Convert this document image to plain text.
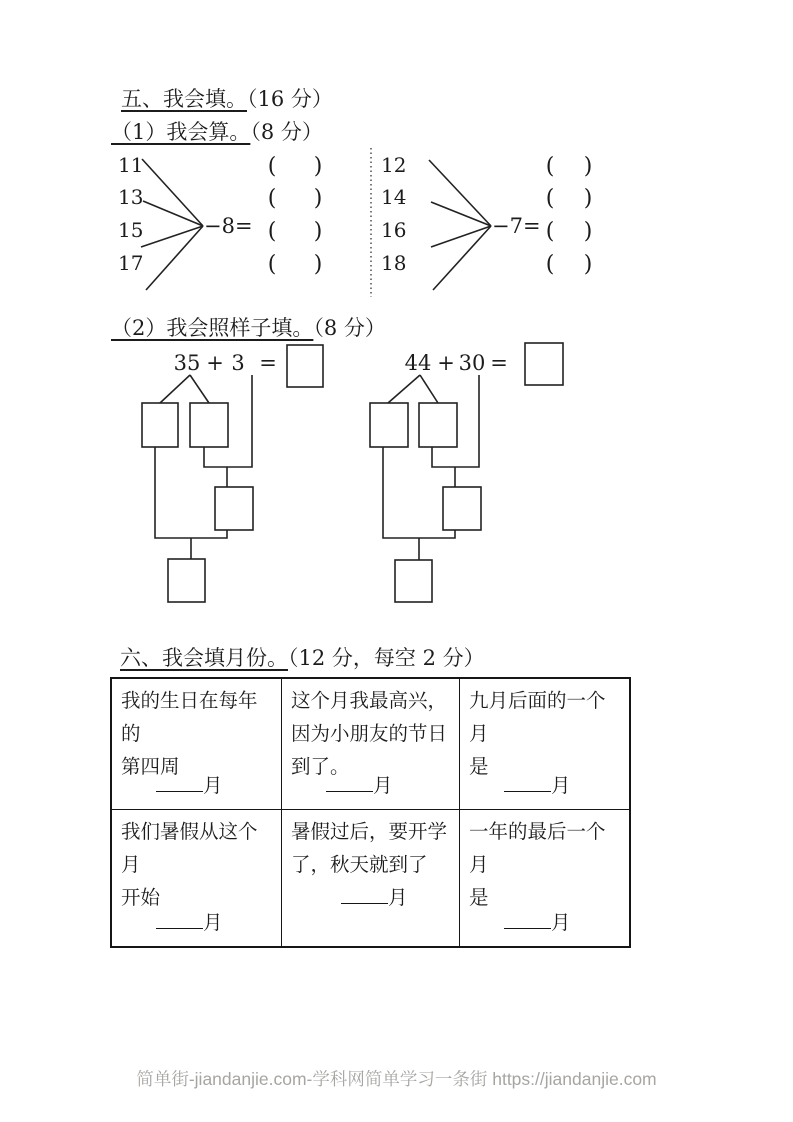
五、我会填。（16 分）
（1）我会算。（8 分）
11
13
15
17
−8=
( )
( )
( )
( )
12
14
16
18
−7=
( )
( )
( )
( )
（2）我会照样子填。（8 分）
35 + 3 =	44 + 30 =
六、我会填月份。（12 分，每空 2 分）
我的生日在每年的
第四周
月
这个月我最高兴，
因为小朋友的节日
到了。
月
九月后面的一个月
是
月
我们暑假从这个月
开始
月
暑假过后，要开学
了，秋天就到了
月
一年的最后一个月
是
月
简单街-jiandanjie.com-学科网简单学习一条街 https://jiandanjie.com
